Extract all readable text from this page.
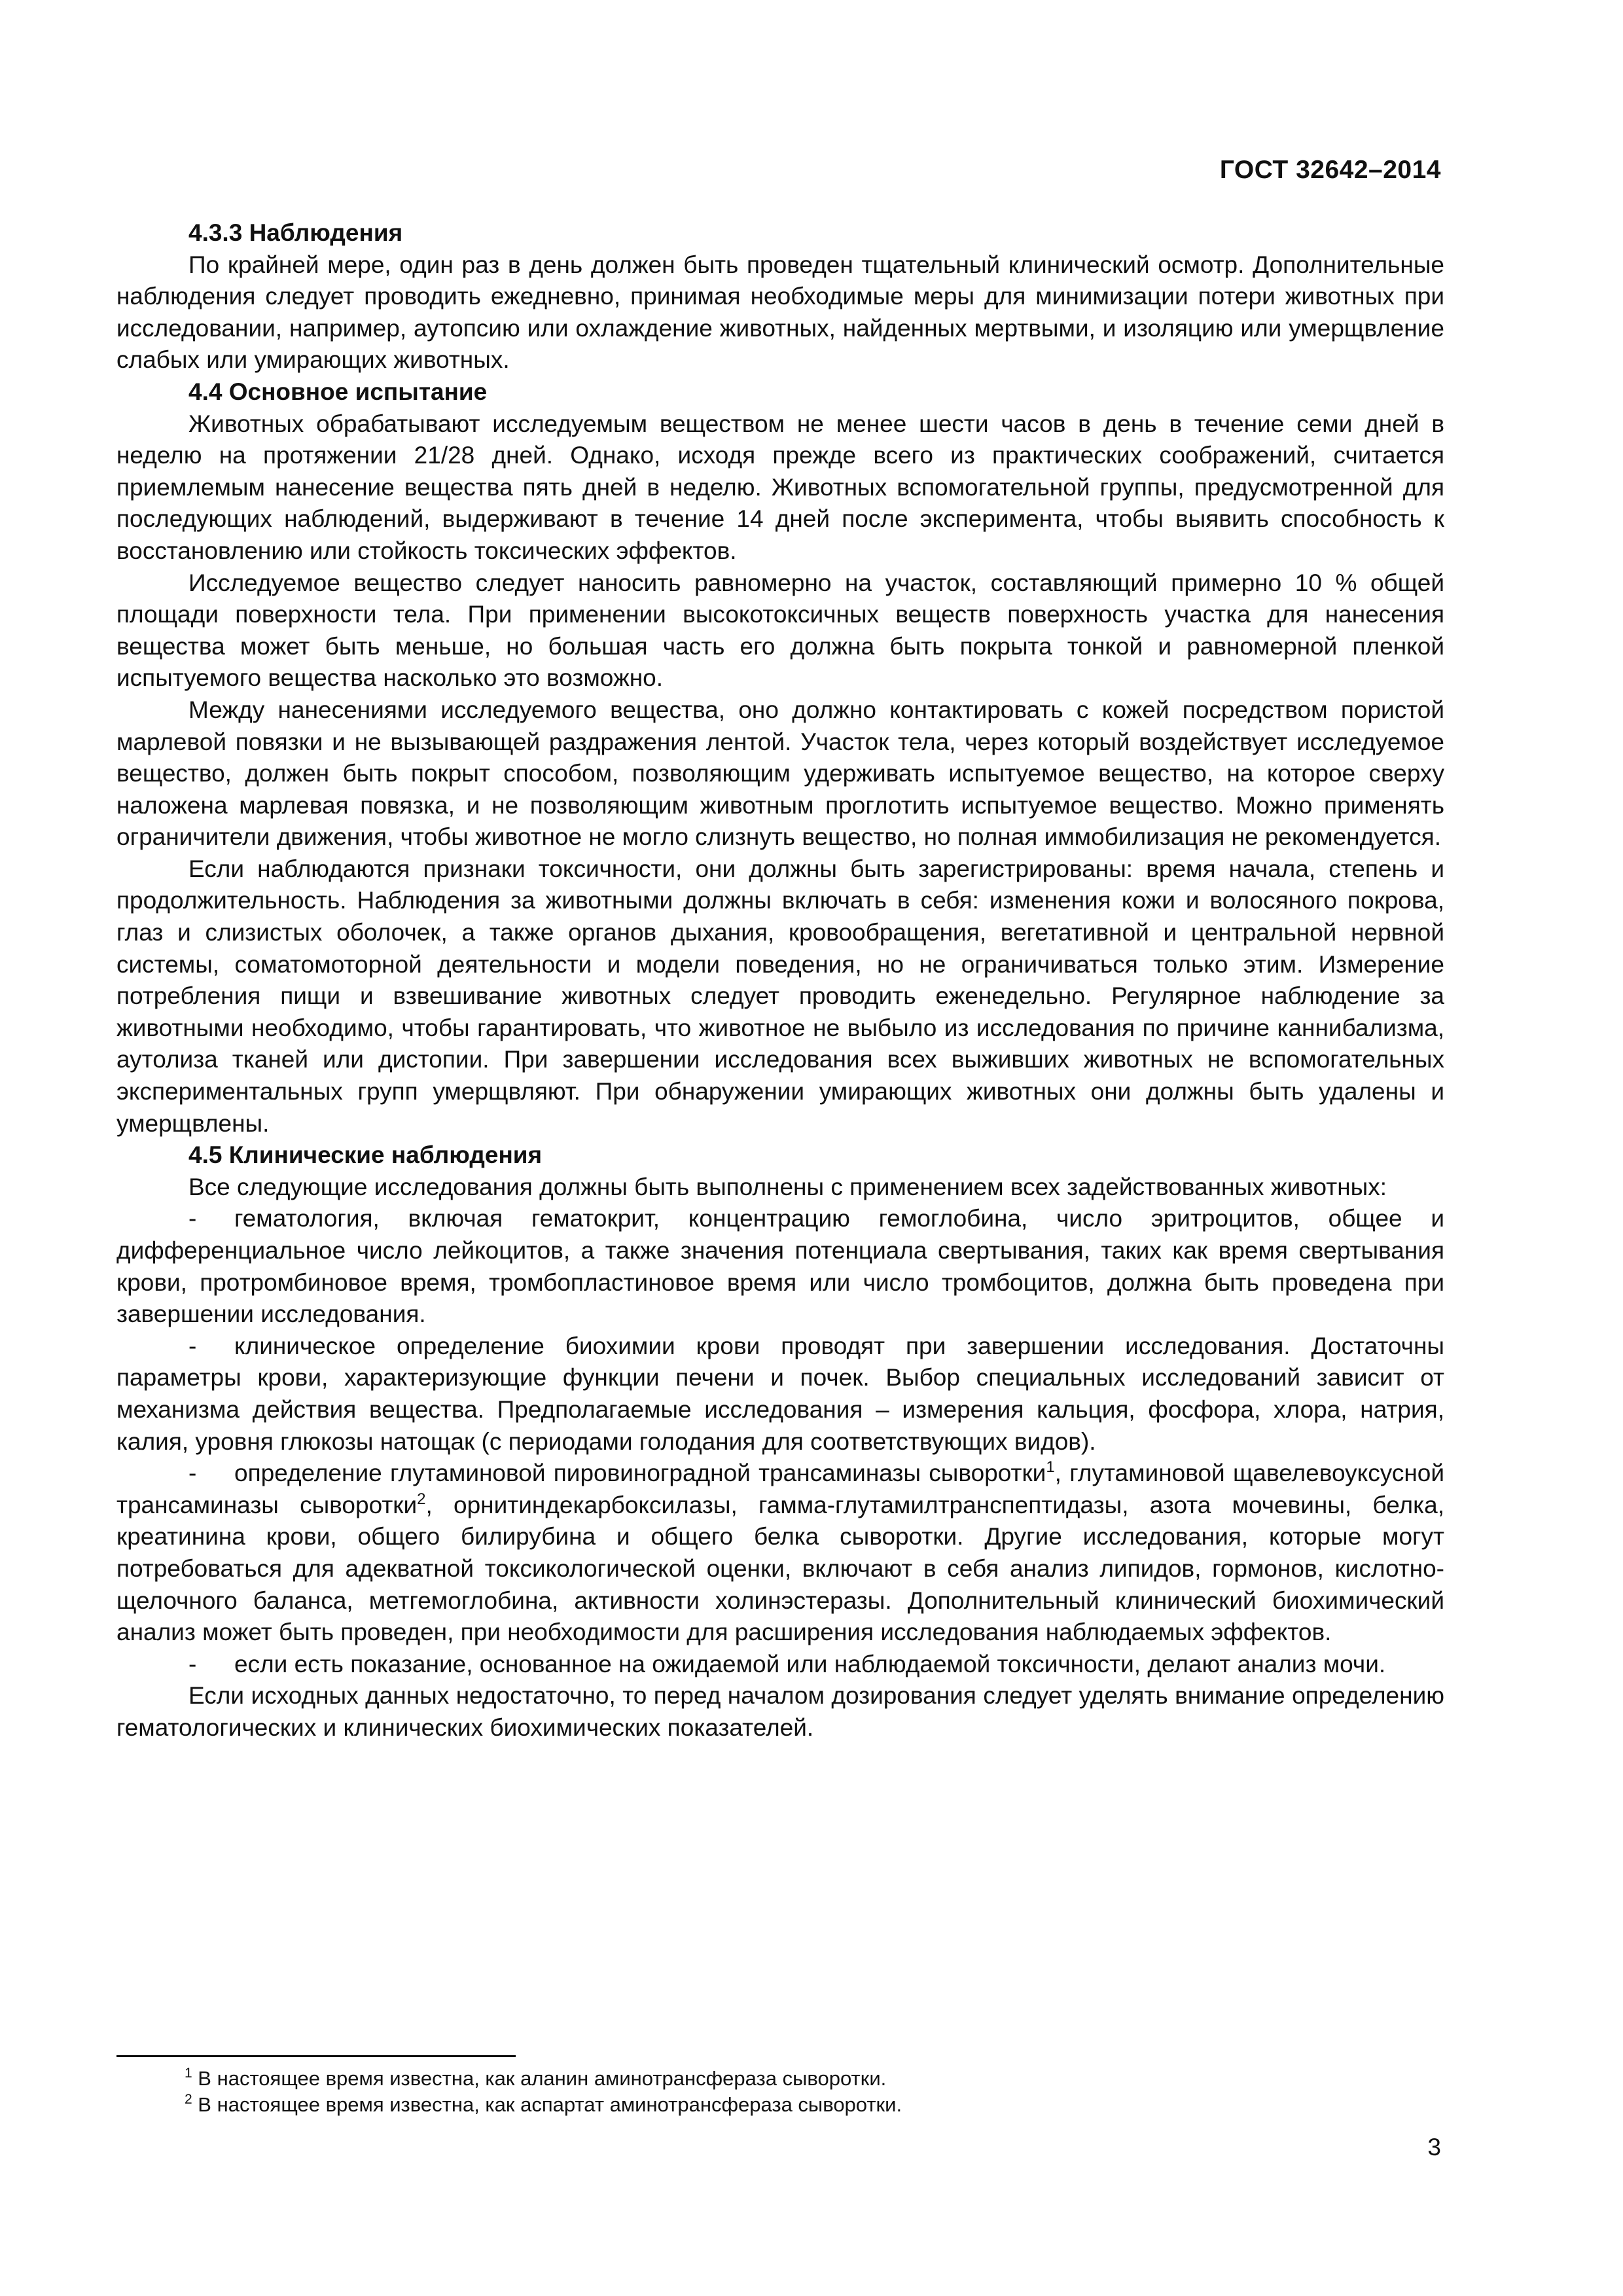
ГОСТ 32642–2014

4.3.3 Наблюдения

По крайней мере, один раз в день должен быть проведен тщательный клинический осмотр. Дополнительные наблюдения следует проводить ежедневно, принимая необходимые меры для минимизации потери животных при исследовании, например, аутопсию или охлаждение животных, найденных мертвыми, и изоляцию или умерщвление слабых или умирающих животных.

4.4 Основное испытание

Животных обрабатывают исследуемым веществом не менее шести часов в день в течение семи дней в неделю на протяжении 21/28 дней. Однако, исходя прежде всего из практических соображений, считается приемлемым нанесение вещества пять дней в неделю. Животных вспомогательной группы, предусмотренной для последующих наблюдений, выдерживают в течение 14 дней после эксперимента, чтобы выявить способность к восстановлению или стойкость токсических эффектов.

Исследуемое вещество следует наносить равномерно на участок, составляющий примерно 10 % общей площади поверхности тела. При применении высокотоксичных веществ поверхность участка для нанесения вещества может быть меньше, но большая часть его должна быть покрыта тонкой и равномерной пленкой испытуемого вещества насколько это возможно.

Между нанесениями исследуемого вещества, оно должно контактировать с кожей посредством пористой марлевой повязки и не вызывающей раздражения лентой. Участок тела, через который воздействует исследуемое вещество, должен быть покрыт способом, позволяющим удерживать испытуемое вещество, на которое сверху наложена марлевая повязка, и не позволяющим животным проглотить испытуемое вещество. Можно применять ограничители движения, чтобы животное не могло слизнуть вещество, но полная иммобилизация не рекомендуется.

Если наблюдаются признаки токсичности, они должны быть зарегистрированы: время начала, степень и продолжительность. Наблюдения за животными должны включать в себя: изменения кожи и волосяного покрова, глаз и слизистых оболочек, а также органов дыхания, кровообращения, вегетативной и центральной нервной системы, соматомоторной деятельности и модели поведения, но не ограничиваться только этим. Измерение потребления пищи и взвешивание животных следует проводить еженедельно. Регулярное наблюдение за животными необходимо, чтобы гарантировать, что животное не выбыло из исследования по причине каннибализма, аутолиза тканей или дистопии. При завершении исследования всех выживших животных не вспомогательных экспериментальных групп умерщвляют. При обнаружении умирающих животных они должны быть удалены и умерщвлены.

4.5 Клинические наблюдения

Все следующие исследования должны быть выполнены с применением всех задействованных животных:

- гематология, включая гематокрит, концентрацию гемоглобина, число эритроцитов, общее и дифференциальное число лейкоцитов, а также значения потенциала свертывания, таких как время свертывания крови, протромбиновое время, тромбопластиновое время или число тромбоцитов, должна быть проведена при завершении исследования.

- клиническое определение биохимии крови проводят при завершении исследования. Достаточны параметры крови, характеризующие функции печени и почек. Выбор специальных исследований зависит от механизма действия вещества. Предполагаемые исследования – измерения кальция, фосфора, хлора, натрия, калия, уровня глюкозы натощак (с периодами голодания для соответствующих видов).

- определение глутаминовой пировиноградной трансаминазы сыворотки$^1$, глутаминовой щавелевоуксусной трансаминазы сыворотки$^2$, орнитиндекарбоксилазы, гамма-глутамилтранспептидазы, азота мочевины, белка, креатинина крови, общего билирубина и общего белка сыворотки. Другие исследования, которые могут потребоваться для адекватной токсикологической оценки, включают в себя анализ липидов, гормонов, кислотно-щелочного баланса, метгемоглобина, активности холинэстеразы. Дополнительный клинический биохимический анализ может быть проведен, при необходимости для расширения исследования наблюдаемых эффектов.

- если есть показание, основанное на ожидаемой или наблюдаемой токсичности, делают анализ мочи.

Если исходных данных недостаточно, то перед началом дозирования следует уделять внимание определению гематологических и клинических биохимических показателей.

$^1$ В настоящее время известна, как аланин аминотрансфераза сыворотки.
$^2$ В настоящее время известна, как аспартат аминотрансфераза сыворотки.
3
